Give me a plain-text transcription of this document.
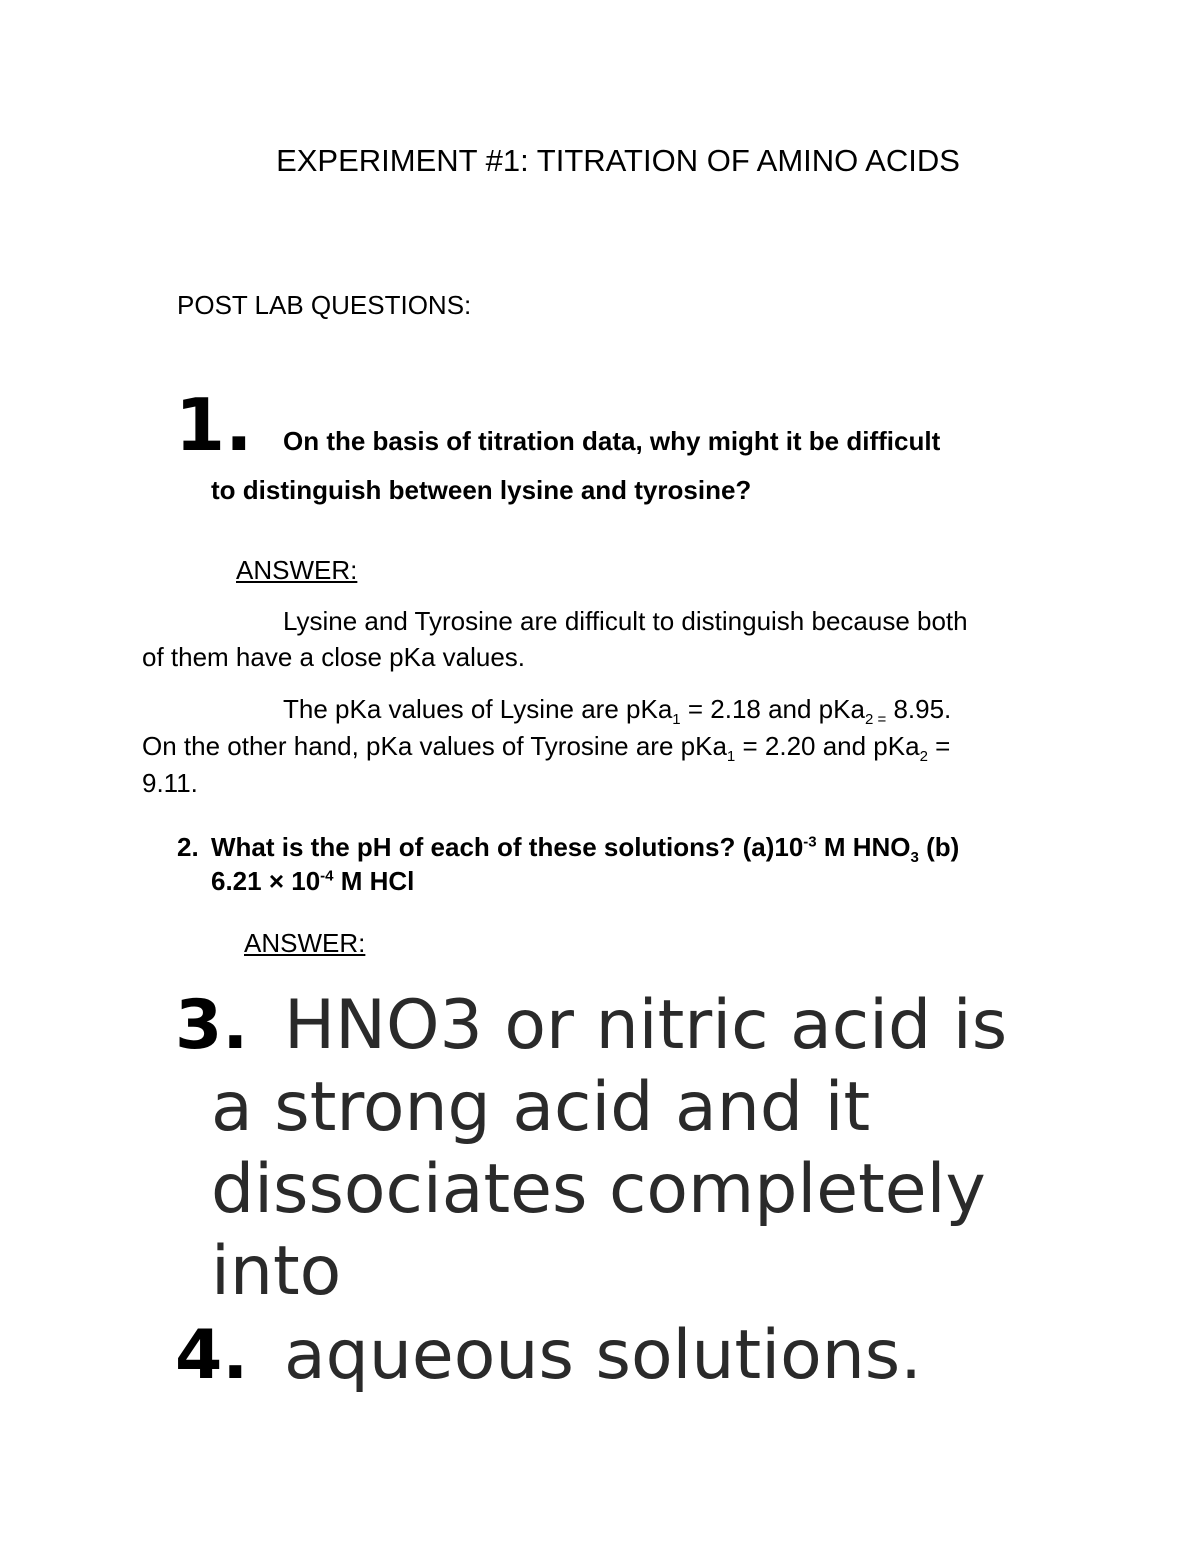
EXPERIMENT #1: TITRATION OF AMINO ACIDS
POST LAB QUESTIONS:
1. On the basis of titration data, why might it be difficult
to distinguish between lysine and tyrosine?
ANSWER:
Lysine and Tyrosine are difficult to distinguish because both
of them have a close pKa values.
The pKa values of Lysine are pKa$_1$ = 2.18 and pKa$_{2 =}$ 8.95.
On the other hand, pKa values of Tyrosine are pKa$_1$ = 2.20 and pKa$_2$ =
9.11.
2. What is the pH of each of these solutions? $(a)10^{-3}$ M $HNO_3$ (b)
$6.21 \times 10^{-4}$ M HCl
ANSWER:
3. HNO3 or nitric acid is
a strong acid and it
dissociates completely
into
4. aqueous solutions.
